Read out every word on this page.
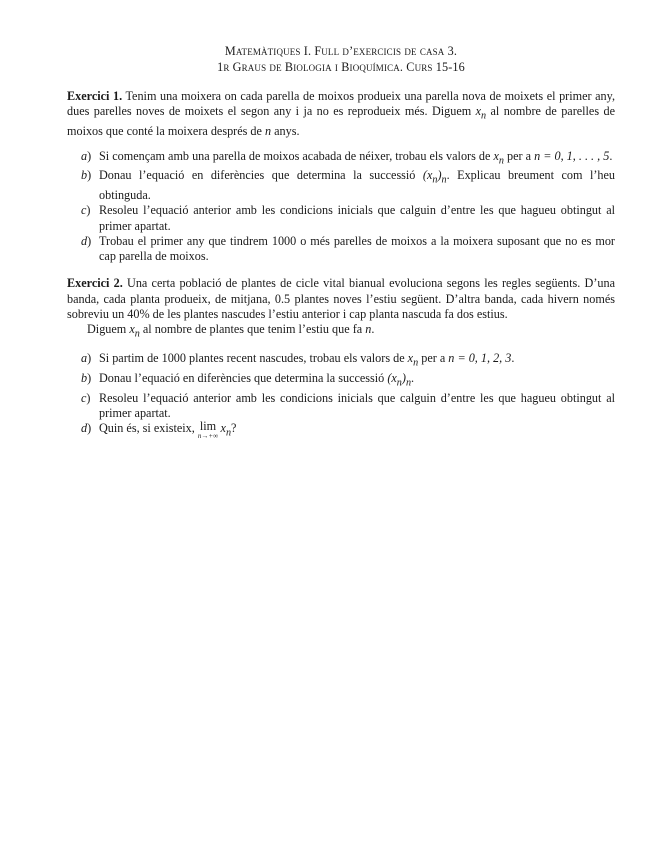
Matemàtiques I. Full d’exercicis de casa 3.
1r Graus de Biologia i Bioquímica. Curs 15-16
Exercici 1. Tenim una moixera on cada parella de moixos produeix una parella nova de moixets el primer any, dues parelles noves de moixets el segon any i ja no es reprodueix més. Diguem $x_n$ al nombre de parelles de moixos que conté la moixera després de n anys.
a) Si començam amb una parella de moixos acabada de néixer, trobau els valors de $x_n$ per a n = 0, 1, . . . , 5.
b) Donau l’equació en diferències que determina la successió $(x_n)_n$. Explicau breument com l’heu obtinguda.
c) Resoleu l’equació anterior amb les condicions inicials que calguin d’entre les que hagueu obtingut al primer apartat.
d) Trobau el primer any que tindrem 1000 o més parelles de moixos a la moixera suposant que no es mor cap parella de moixos.
Exercici 2. Una certa població de plantes de cicle vital bianual evoluciona segons les regles següents. D’una banda, cada planta produeix, de mitjana, 0.5 plantes noves l’estiu següent. D’altra banda, cada hivern només sobreviu un 40% de les plantes nascudes l’estiu anterior i cap planta nascuda fa dos estius.
Diguem $x_n$ al nombre de plantes que tenim l’estiu que fa n.
a) Si partim de 1000 plantes recent nascudes, trobau els valors de $x_n$ per a n = 0, 1, 2, 3.
b) Donau l’equació en diferències que determina la successió $(x_n)_n$.
c) Resoleu l’equació anterior amb les condicions inicials que calguin d’entre les que hagueu obtingut al primer apartat.
d) Quin és, si existeix, lim
n→+∞
 $x_n$?
